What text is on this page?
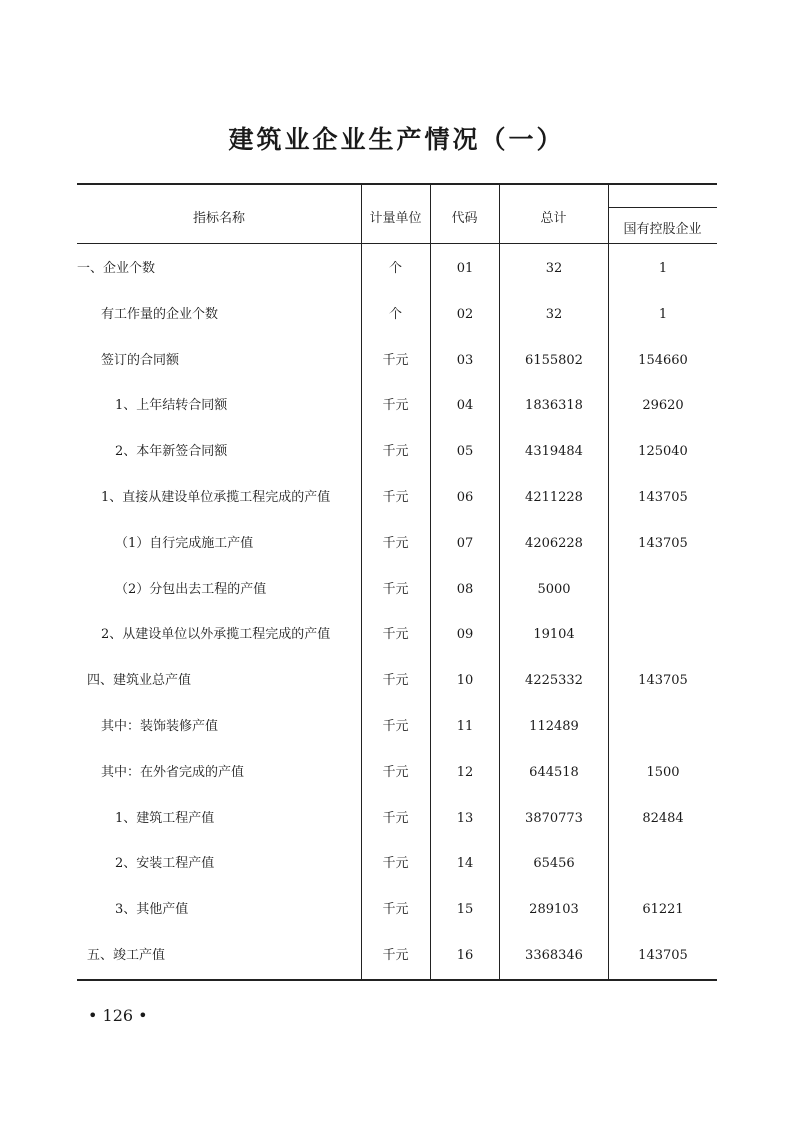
建筑业企业生产情况（一）
指标名称	计量单位	代码	总计
国有控股企业
一、企业个数	个	01	32	1
有工作量的企业个数	个	02	32	1
签订的合同额	千元	03	6155802	154660
1、上年结转合同额	千元	04	1836318	29620
2、本年新签合同额	千元	05	4319484	125040
1、直接从建设单位承揽工程完成的产值	千元	06	4211228	143705
（1）自行完成施工产值	千元	07	4206228	143705
（2）分包出去工程的产值	千元	08	5000
2、从建设单位以外承揽工程完成的产值	千元	09	19104
四、建筑业总产值	千元	10	4225332	143705
其中：装饰装修产值	千元	11	112489
其中：在外省完成的产值	千元	12	644518	1500
1、建筑工程产值	千元	13	3870773	82484
2、安装工程产值	千元	14	65456
3、其他产值	千元	15	289103	61221
五、竣工产值	千元	16	3368346	143705
• 126 •
